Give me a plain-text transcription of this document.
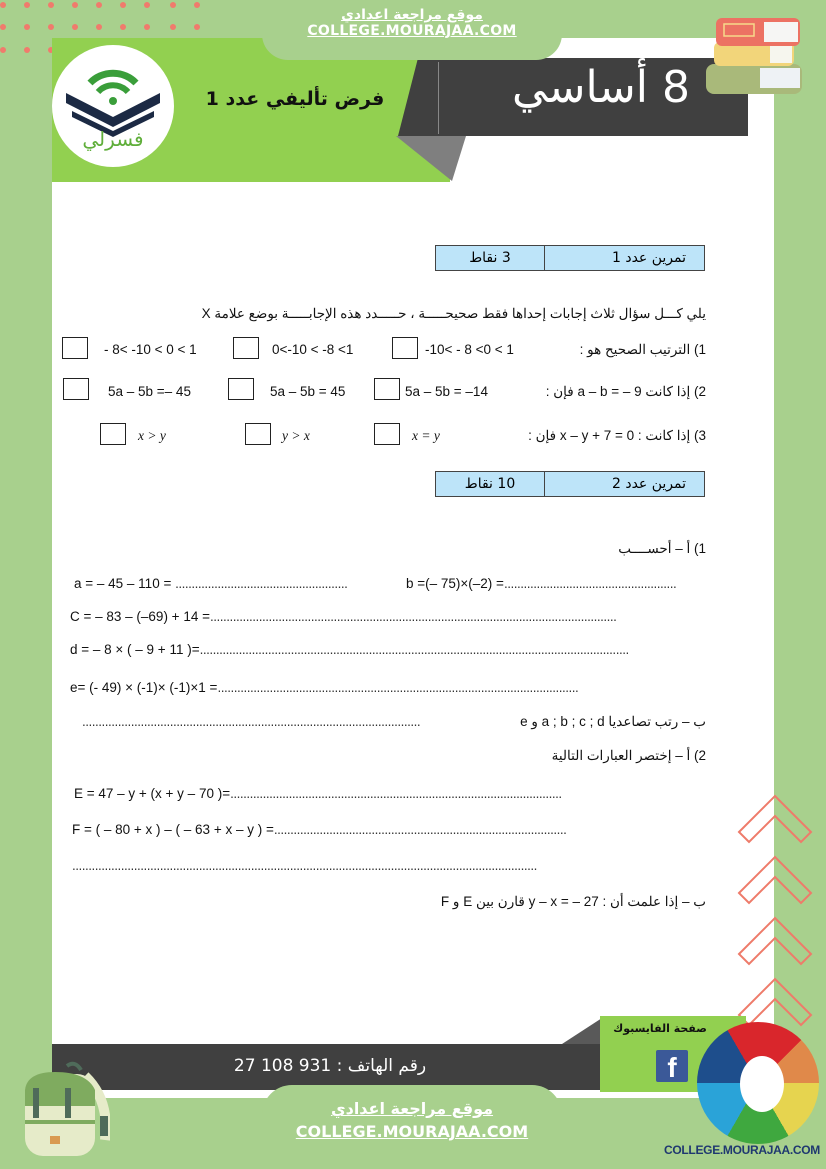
8 أساسي
فرض تأليفي عدد 1
فسرلي
موقع مراجعة اعدادي
COLLEGE.MOURAJAA.COM
تمرين عدد 1
3 نقاط
يلي كـــل سؤال ثلاث إجابات إحداها فقط صحيحـــــة ، حـــــدد هذه الإجابـــــة بوضع علامة X
1) الترتيب الصحيح هو :
-10< - 8 <0 < 1
0<-10 < -8 <1
- 8< -10 < 0 < 1
2) إذا كانت a – b = – 9 فإن :
5a – 5b = –14
5a – 5b = 45
5a – 5b =– 45
3) إذا كانت : x – y + 7 = 0 فإن :
x = y
y > x
x > y
تمرين عدد 2
10 نقاط
1) أ – أحســــب
a = – 45 – 110 = .....................................................	b =(– 75)×(–2) =.....................................................
C = – 83 – (–69) + 14 =.............................................................................................................................
d = – 8 × ( – 9 + 11 )=....................................................................................................................................
e= (- 49) × (-1)× (-1)×1 =...............................................................................................................
ب – رتب تصاعديا a ; b ; c ; d و e
........................................................................................................
2) أ – إختصر العبارات التالية
E = 47 – y + (x + y – 70 )=......................................................................................................
F = ( – 80 + x ) – ( – 63 + x – y ) =..........................................................................................
...............................................................................................................................................
ب – إذا علمت أن : y – x = – 27 قارن بين E و F
رقم الهاتف : 931 108 27
صفحة الفايسبوك
f
COLLEGE.MOURAJAA.COM
موقع مراجعة اعدادي
COLLEGE.MOURAJAA.COM
